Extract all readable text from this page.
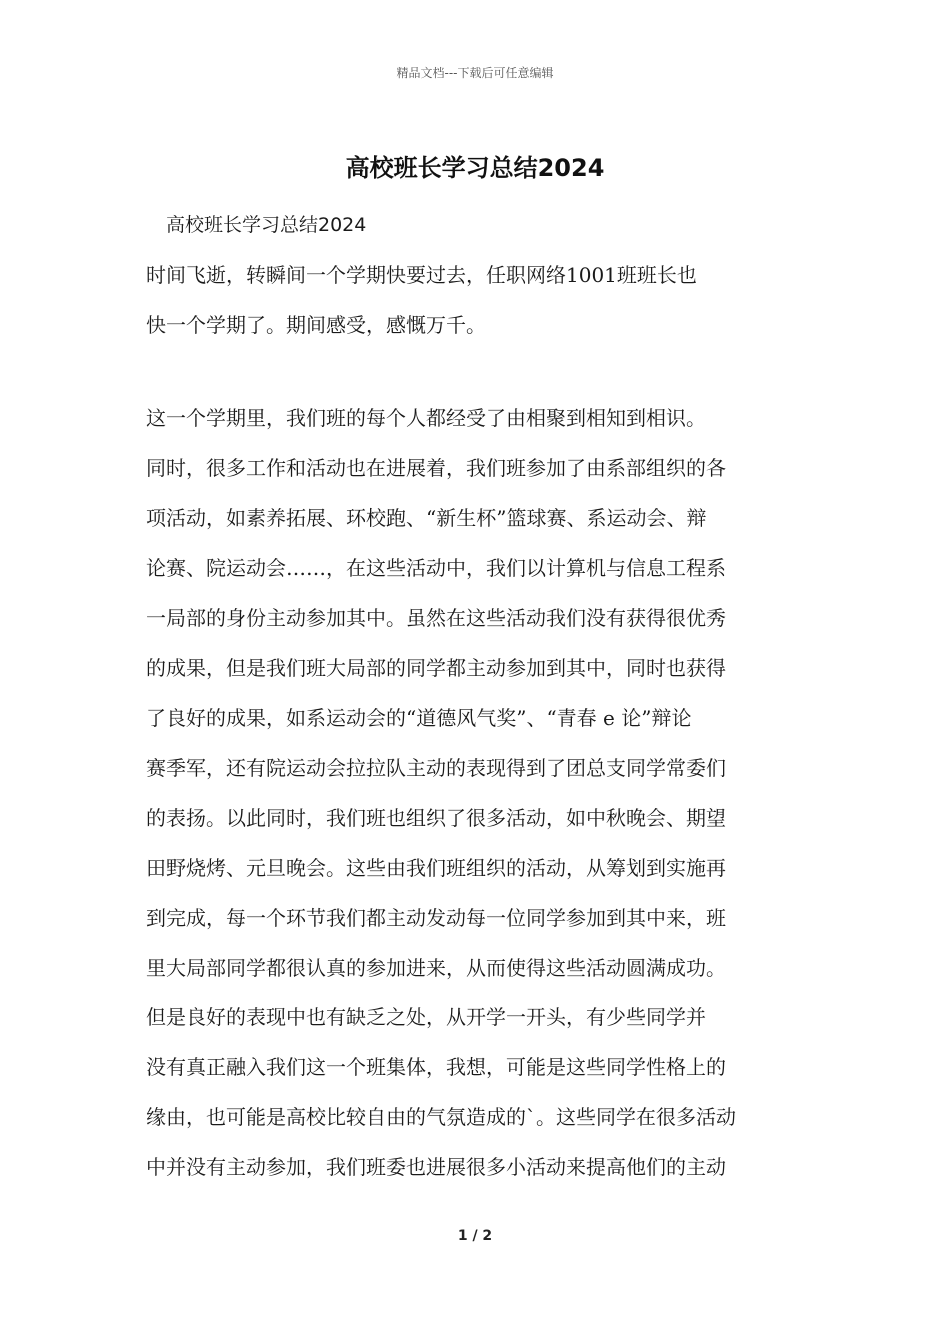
精品文档---下载后可任意编辑
高校班长学习总结2024
高校班长学习总结2024

时间飞逝，转瞬间一个学期快要过去，任职网络1001班班长也
快一个学期了。期间感受，感慨万千。

这一个学期里，我们班的每个人都经受了由相聚到相知到相识。
同时，很多工作和活动也在进展着，我们班参加了由系部组织的各
项活动，如素养拓展、环校跑、“新生杯”篮球赛、系运动会、辩
论赛、院运动会……，在这些活动中，我们以计算机与信息工程系
一局部的身份主动参加其中。虽然在这些活动我们没有获得很优秀
的成果，但是我们班大局部的同学都主动参加到其中，同时也获得
了良好的成果，如系运动会的“道德风气奖”、“青春 e 论”辩论
赛季军，还有院运动会拉拉队主动的表现得到了团总支同学常委们
的表扬。以此同时，我们班也组织了很多活动，如中秋晚会、期望
田野烧烤、元旦晚会。这些由我们班组织的活动，从筹划到实施再
到完成，每一个环节我们都主动发动每一位同学参加到其中来，班
里大局部同学都很认真的参加进来，从而使得这些活动圆满成功。

但是良好的表现中也有缺乏之处，从开学一开头，有少些同学并
没有真正融入我们这一个班集体，我想，可能是这些同学性格上的
缘由，也可能是高校比较自由的气氛造成的`。这些同学在很多活动
中并没有主动参加，我们班委也进展很多小活动来提高他们的主动

1 / 2
